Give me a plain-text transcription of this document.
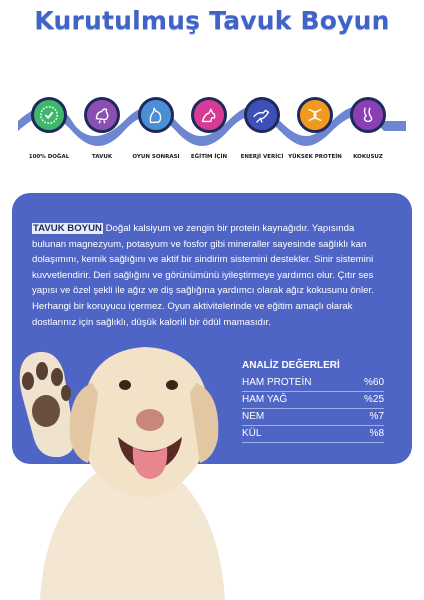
Kurutulmuş Tavuk Boyun
100% DOĞAL	TAVUK	OYUN SONRASI	EĞİTİM İÇİN	ENERJİ VERİCİ YÜKSEK PROTEİN	KOKUSUZ
TAVUK BOYUN Doğal kalsiyum ve zengin bir protein kaynağıdır. Yapısında bulunan magnezyum, potasyum ve fosfor gibi mineraller sayesinde sağlıklı kan dolaşımını, kemik sağlığını ve aktif bir sindirim sistemini destekler. Sinir sistemini kuvvetlendirir. Deri sağlığını ve görünümünü iyileştirmeye yardımcı olur. Çıtır ses yapısı ve özel şekli ile ağız ve diş sağlığına yardımcı olarak ağız kokusunu önler. Herhangi bir koruyucu içermez. Oyun aktivitelerinde ve eğitim amaçlı olarak dostlarınız için sağlıklı, düşük kalorili bir ödül mamasıdır.
ANALİZ DEĞERLERİ
HAM PROTEİN	%60
HAM YAĞ	%25
NEM	%7
KÜL	%8
